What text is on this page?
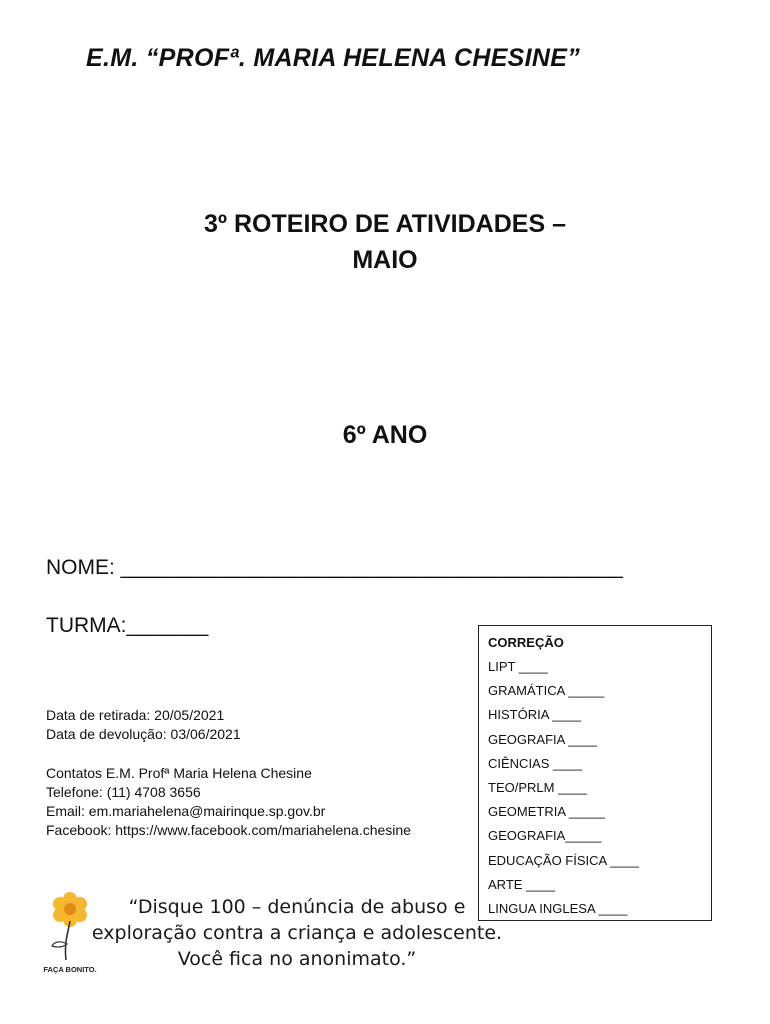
E.M. “PROFª. MARIA HELENA CHESINE”
3º ROTEIRO DE ATIVIDADES –
MAIO
6º ANO
NOME: ___________________________________________
TURMA:_______
Data de retirada: 20/05/2021
Data de devolução: 03/06/2021
Contatos E.M. Profª Maria Helena Chesine
Telefone: (11) 4708 3656
Email: em.mariahelena@mairinque.sp.gov.br
Facebook: https://www.facebook.com/mariahelena.chesine
CORREÇÃO
LIPT ____
GRAMÁTICA _____
HISTÓRIA ____
GEOGRAFIA ____
CIÊNCIAS ____
TEO/PRLM ____
GEOMETRIA _____
GEOGRAFIA_____
EDUCAÇÃO FÍSICA ____
ARTE ____
LINGUA INGLESA ____
FAÇA BONITO.
“Disque 100 – denúncia de abuso e
exploração contra a criança e adolescente.
Você fica no anonimato.”
